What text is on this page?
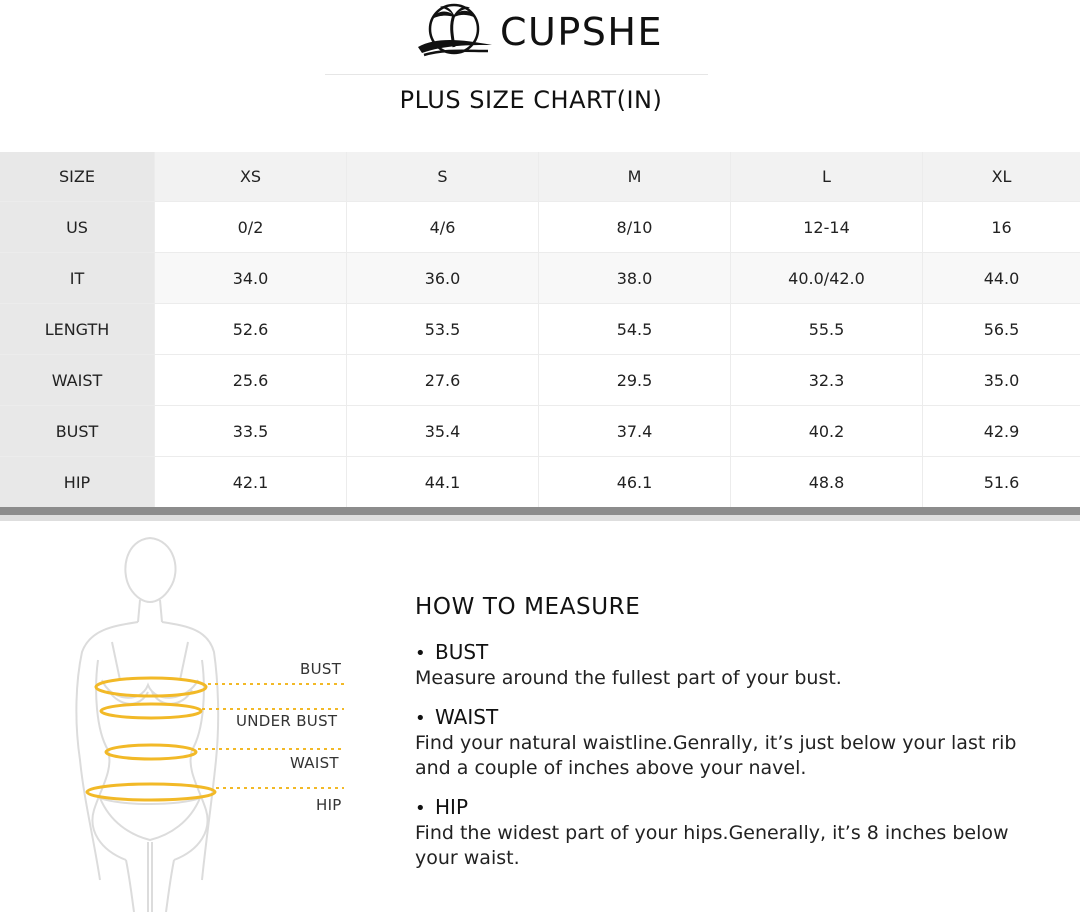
CUPSHE
PLUS SIZE CHART(IN)
SIZE	XS	S	M	L	XL
US	0/2	4/6	8/10	12-14	16
IT	34.0	36.0	38.0	40.0/42.0	44.0
LENGTH	52.6	53.5	54.5	55.5	56.5
WAIST	25.6	27.6	29.5	32.3	35.0
BUST	33.5	35.4	37.4	40.2	42.9
HIP	42.1	44.1	46.1	48.8	51.6
BUST
UNDER BUST
WAIST
HIP
HOW TO MEASURE
• BUST
Measure around the fullest part of your bust.
• WAIST
Find your natural waistline.Genrally, it’s just below your last rib and a couple of inches above your navel.
• HIP
Find the widest part of your hips.Generally, it’s 8 inches below your waist.
